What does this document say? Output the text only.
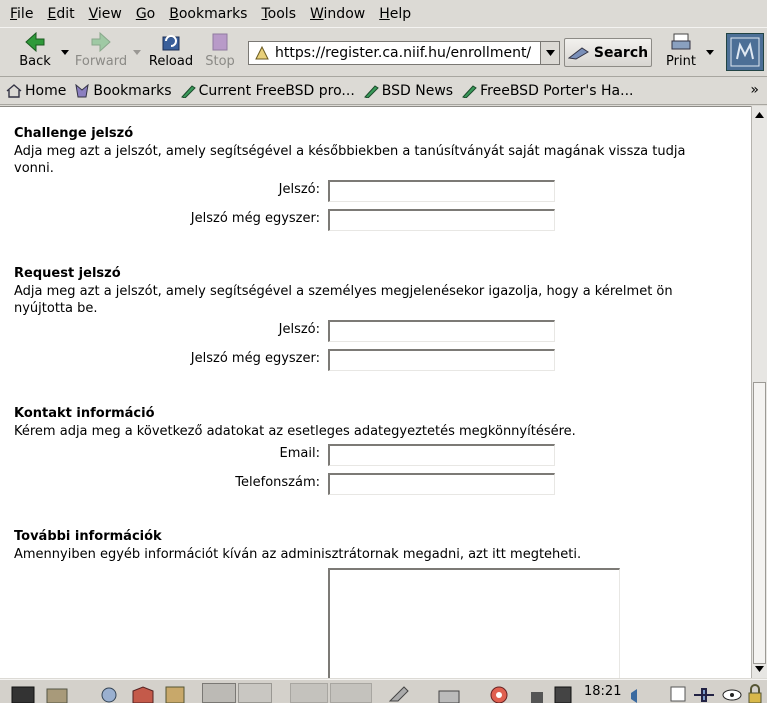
File Edit View Go Bookmarks Tools Window Help
Back	Forward	Reload Stop
https://register.ca.niif.hu/enrollment/	Search
Print
Home Bookmarks Current FreeBSD pro... BSD News FreeBSD Porter's Ha...	»
Challenge jelszó
Adja meg azt a jelszót, amely segítségével a későbbiekben a tanúsítványát saját magának vissza tudja vonni.
Jelszó:
Jelszó még egyszer:
Request jelszó
Adja meg azt a jelszót, amely segítségével a személyes megjelenésekor igazolja, hogy a kérelmet ön nyújtotta be.
Jelszó:
Jelszó még egyszer:
Kontakt információ
Kérem adja meg a következő adatokat az esetleges adategyeztetés megkönnyítésére.
Email:
Telefonszám:
További információk
Amennyiben egyéb információt kíván az adminisztrátornak megadni, azt itt megteheti.
18:21
